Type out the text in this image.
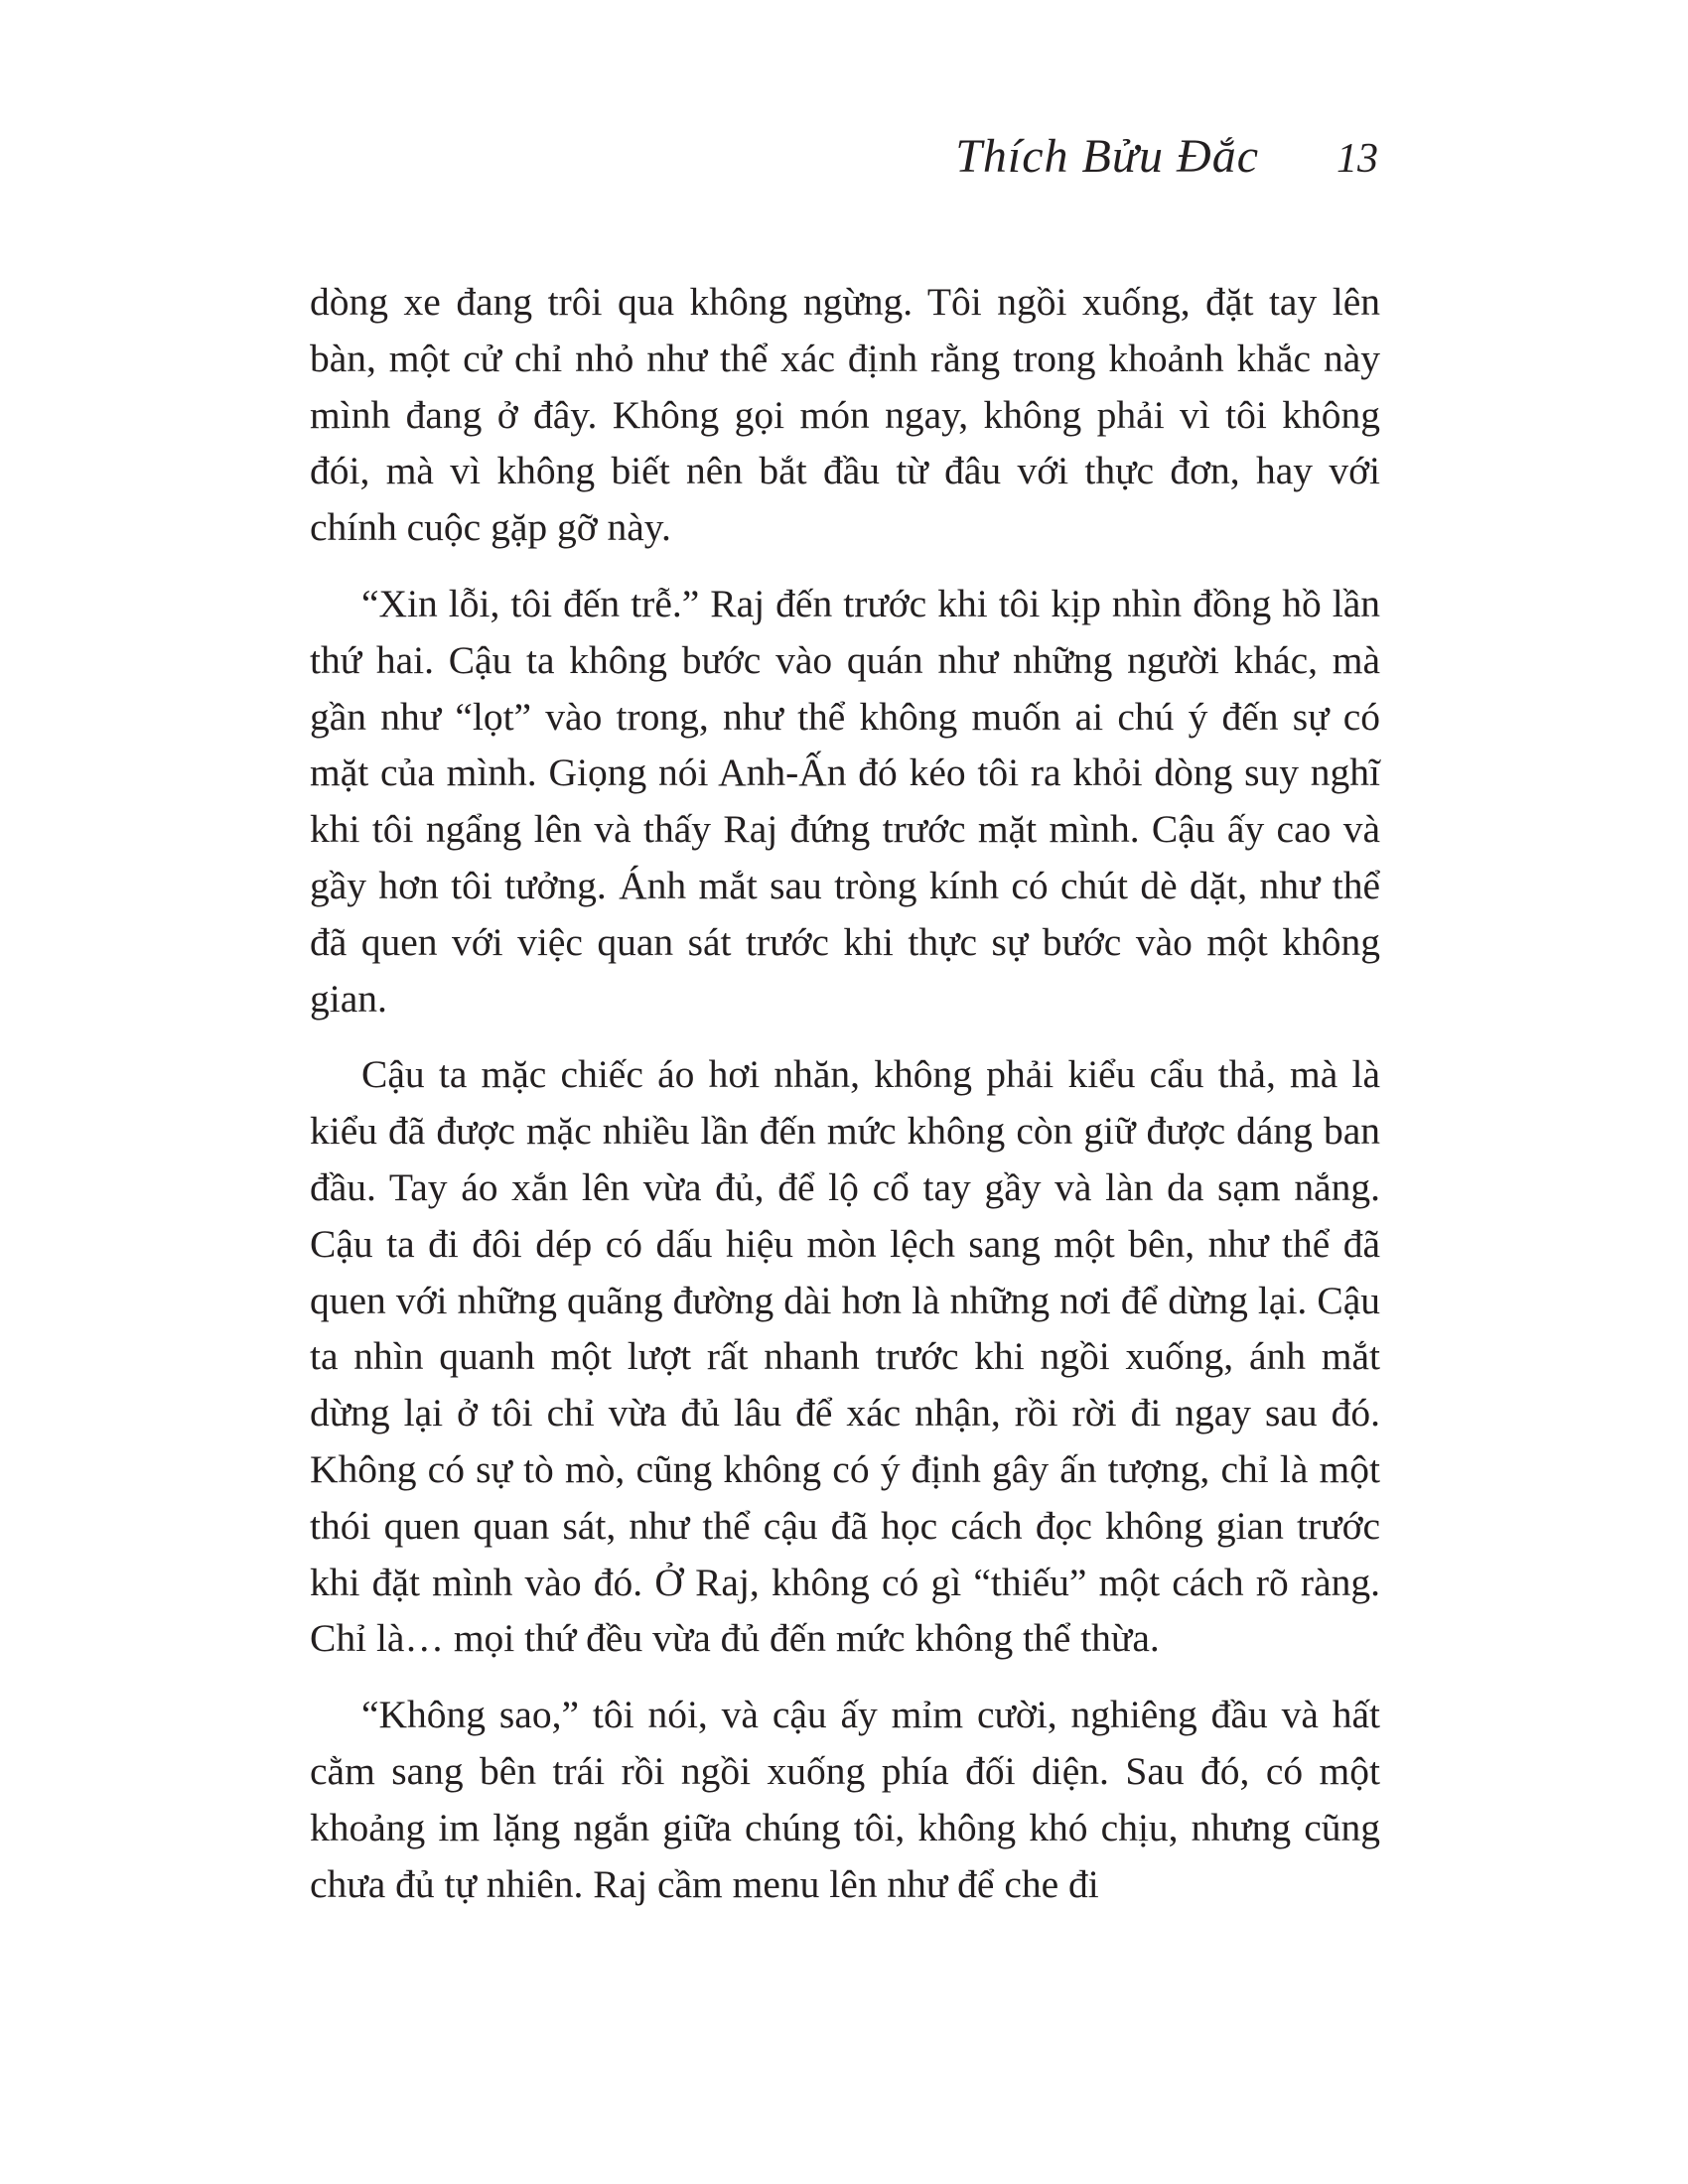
Thích Bửu Đắc 13

dòng xe đang trôi qua không ngừng. Tôi ngồi xuống, đặt tay lên bàn, một cử chỉ nhỏ như thể xác định rằng trong khoảnh khắc này mình đang ở đây. Không gọi món ngay, không phải vì tôi không đói, mà vì không biết nên bắt đầu từ đâu với thực đơn, hay với chính cuộc gặp gỡ này.

“Xin lỗi, tôi đến trễ.” Raj đến trước khi tôi kịp nhìn đồng hồ lần thứ hai. Cậu ta không bước vào quán như những người khác, mà gần như “lọt” vào trong, như thể không muốn ai chú ý đến sự có mặt của mình. Giọng nói Anh-Ấn đó kéo tôi ra khỏi dòng suy nghĩ khi tôi ngẩng lên và thấy Raj đứng trước mặt mình. Cậu ấy cao và gầy hơn tôi tưởng. Ánh mắt sau tròng kính có chút dè dặt, như thể đã quen với việc quan sát trước khi thực sự bước vào một không gian.

Cậu ta mặc chiếc áo hơi nhăn, không phải kiểu cẩu thả, mà là kiểu đã được mặc nhiều lần đến mức không còn giữ được dáng ban đầu. Tay áo xắn lên vừa đủ, để lộ cổ tay gầy và làn da sạm nắng. Cậu ta đi đôi dép có dấu hiệu mòn lệch sang một bên, như thể đã quen với những quãng đường dài hơn là những nơi để dừng lại. Cậu ta nhìn quanh một lượt rất nhanh trước khi ngồi xuống, ánh mắt dừng lại ở tôi chỉ vừa đủ lâu để xác nhận, rồi rời đi ngay sau đó. Không có sự tò mò, cũng không có ý định gây ấn tượng, chỉ là một thói quen quan sát, như thể cậu đã học cách đọc không gian trước khi đặt mình vào đó. Ở Raj, không có gì “thiếu” một cách rõ ràng. Chỉ là… mọi thứ đều vừa đủ đến mức không thể thừa.

“Không sao,” tôi nói, và cậu ấy mỉm cười, nghiêng đầu và hất cằm sang bên trái rồi ngồi xuống phía đối diện. Sau đó, có một khoảng im lặng ngắn giữa chúng tôi, không khó chịu, nhưng cũng chưa đủ tự nhiên. Raj cầm menu lên như để che đi
